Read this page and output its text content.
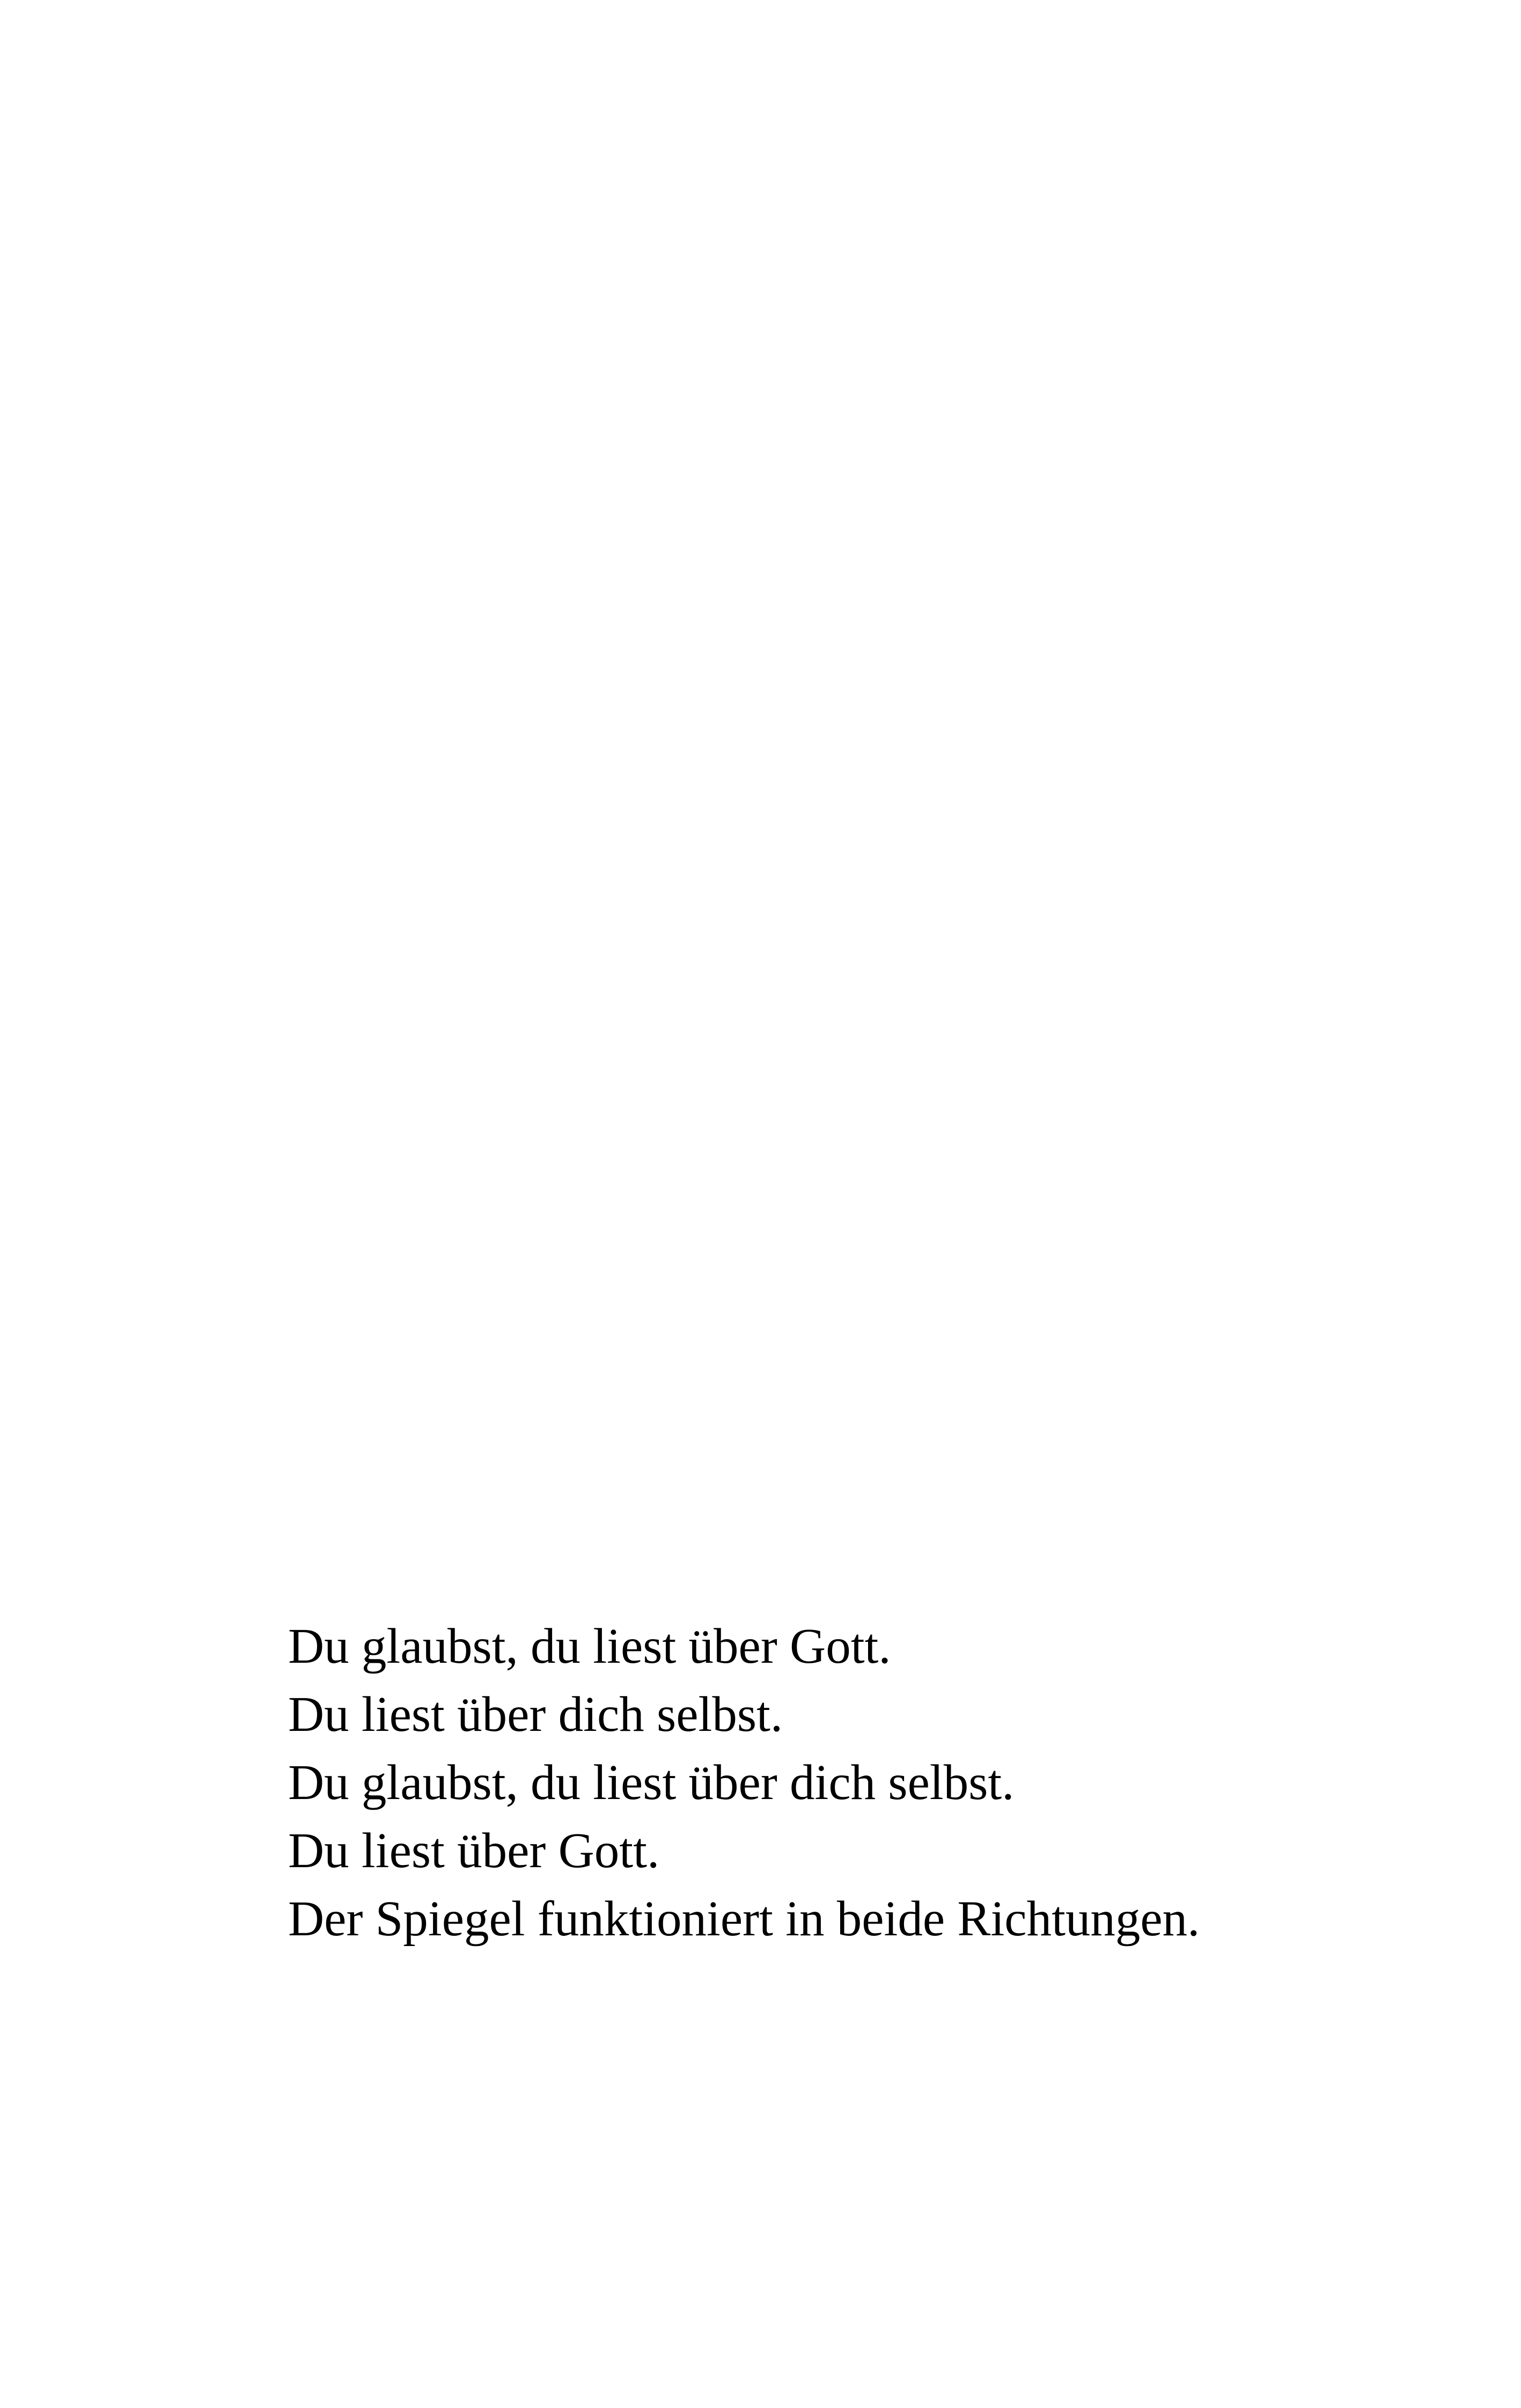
Du glaubst, du liest über Gott.

Du liest über dich selbst.

Du glaubst, du liest über dich selbst.

Du liest über Gott.

Der Spiegel funktioniert in beide Richtungen.
